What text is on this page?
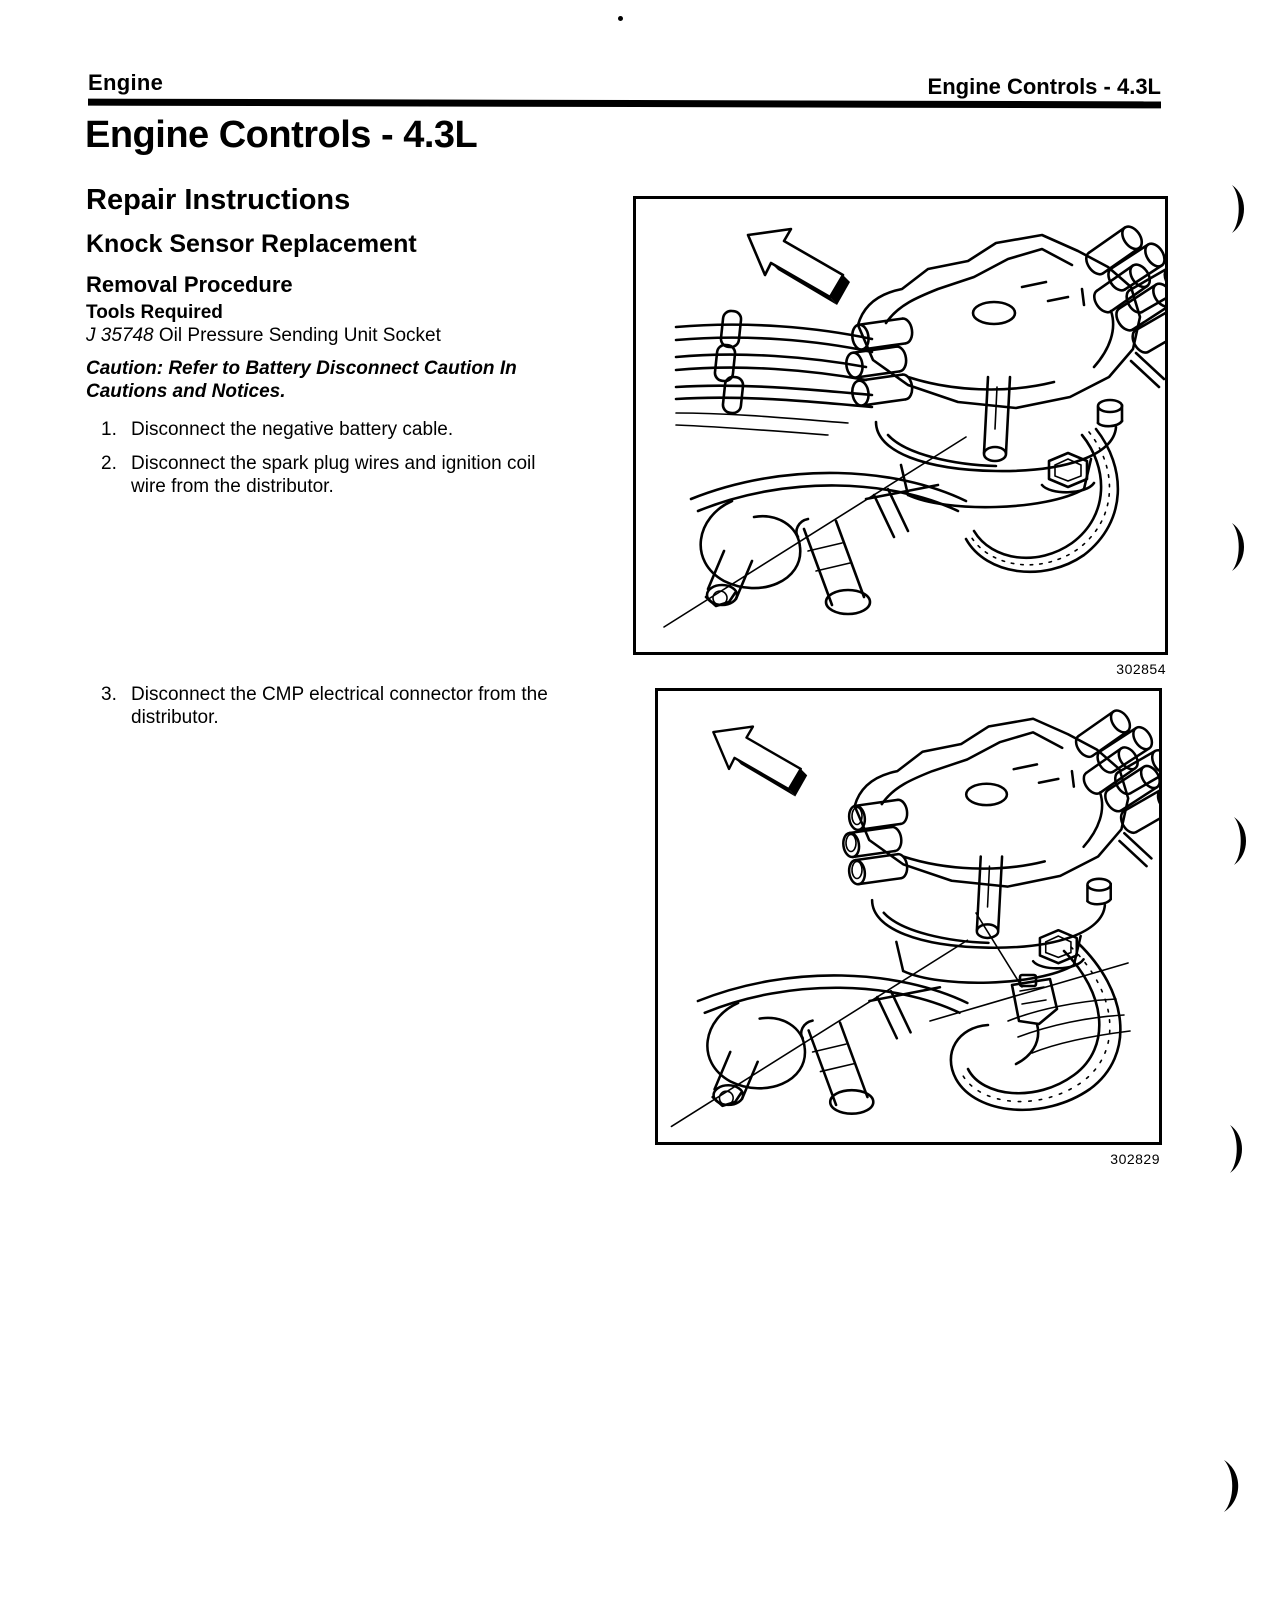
Engine	Engine Controls - 4.3L
Engine Controls - 4.3L
Repair Instructions
Knock Sensor Replacement
Removal Procedure
Tools Required
J 35748 Oil Pressure Sending Unit Socket
Caution: Refer to Battery Disconnect Caution In Cautions and Notices.
1. Disconnect the negative battery cable.
2. Disconnect the spark plug wires and ignition coil wire from the distributor.
3. Disconnect the CMP electrical connector from the distributor.
302854
302829
